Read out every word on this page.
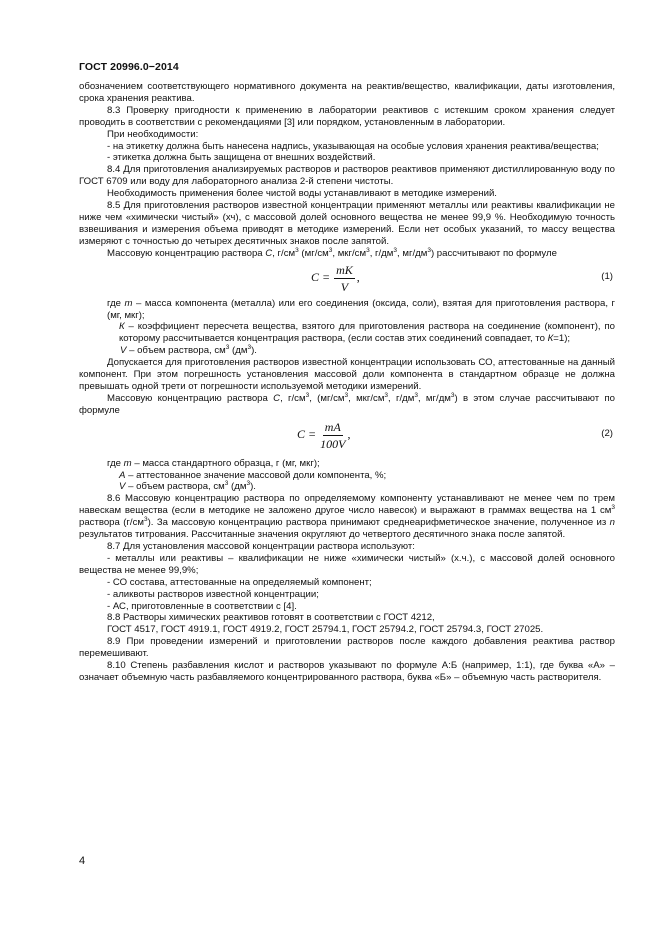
ГОСТ 20996.0−2014

обозначением соответствующего нормативного документа на реактив/вещество, квалификации, даты изготовления, срока хранения реактива.

8.3 Проверку пригодности к применению в лаборатории реактивов с истекшим сроком хранения следует проводить в соответствии с рекомендациями [3] или порядком, установленным в лаборатории.

При необходимости:

- на этикетку должна быть нанесена надпись, указывающая на особые условия хранения реактива/вещества;

- этикетка должна быть защищена от внешних воздействий.

8.4 Для приготовления анализируемых растворов и растворов реактивов применяют дистиллированную воду по ГОСТ 6709 или воду для лабораторного анализа 2-й степени чистоты.

Необходимость применения более чистой воды устанавливают в методике измерений.

8.5 Для приготовления растворов известной концентрации применяют металлы или реактивы квалификации не ниже чем «химически чистый» (хч), с массовой долей основного вещества не менее 99,9 %. Необходимую точность взвешивания и измерения объема приводят в методике измерений. Если нет особых указаний, то массу вещества измеряют с точностью до четырех десятичных знаков после запятой.

Массовую концентрацию раствора С, $г/см^3$ ($мг/см^3$, мкг/$см^3$, $г/дм^3$, $мг/дм^3$) рассчитывают по формуле

$C = \frac{mK}{V}$ ,	(1)

где m – масса компонента (металла) или его соединения (оксида, соли), взятая для приготовления раствора, г (мг, мкг);

К – коэффициент пересчета вещества, взятого для приготовления раствора на соединение (компонент), по которому рассчитывается концентрация раствора, (если состав этих соединений совпадает, то К=1);

V – объем раствора, $см^3$ $(дм^3)$.

Допускается для приготовления растворов известной концентрации использовать СО, аттестованные на данный компонент. При этом погрешность установления массовой доли компонента в стандартном образце не должна превышать одной трети от погрешности используемой методики измерений.

Массовую концентрацию раствора С, $г/см^3$, ($мг/см^3$, мкг/$см^3$, $г/дм^3$, $мг/дм^3$) в этом случае рассчитывают по формуле

$C = \frac{mA}{100V}$ ,	(2)

где m – масса стандартного образца, г (мг, мкг);

А – аттестованное значение массовой доли компонента, %;

V – объем раствора, $см^3$ $(дм^3)$.

8.6 Массовую концентрацию раствора по определяемому компоненту устанавливают не менее чем по трем навескам вещества (если в методике не заложено другое число навесок) и выражают в граммах вещества на 1 $см^3$ раствора $(г/см^3)$. За массовую концентрацию раствора принимают среднеарифметическое значение, полученное из n результатов титрования. Рассчитанные значения округляют до четвертого десятичного знака после запятой.

8.7 Для установления массовой концентрации раствора используют:

- металлы или реактивы – квалификации не ниже «химически чистый» (х.ч.), с массовой долей основного вещества не менее 99,9%;

- СО состава, аттестованные на определяемый компонент;

- аликвоты растворов известной концентрации;

- АС, приготовленные в соответствии с [4].

8.8 Растворы химических реактивов готовят в соответствии с ГОСТ 4212,

ГОСТ 4517, ГОСТ 4919.1, ГОСТ 4919.2, ГОСТ 25794.1, ГОСТ 25794.2, ГОСТ 25794.3, ГОСТ 27025.

8.9 При проведении измерений и приготовлении растворов после каждого добавления реактива раствор перемешивают.

8.10 Степень разбавления кислот и растворов указывают по формуле А:Б (например, 1:1), где буква «А» – означает объемную часть разбавляемого концентрированного раствора, буква «Б» – объемную часть растворителя.

4
